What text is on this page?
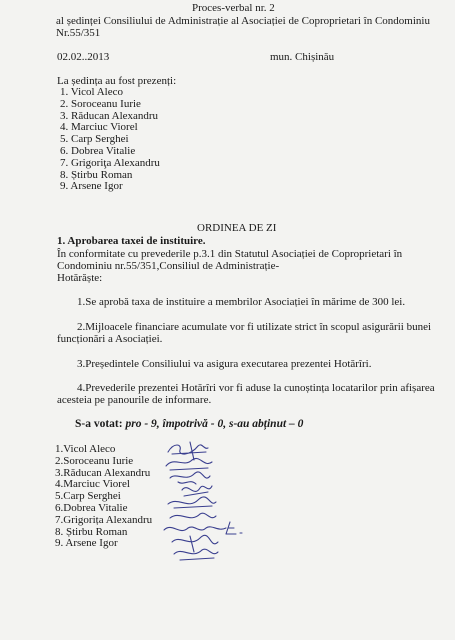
Proces-verbal nr. 2
al ședinței Consiliului de Administrație al Asociației de Coproprietari în Condominiu
Nr.55/351
02.02..2013	mun. Chișinău
La ședința au fost prezenți:
1. Vicol Aleco
2. Soroceanu Iurie
3. Răducan Alexandru
4. Marciuc Viorel
5. Carp Serghei
6. Dobrea Vitalie
7. Grigoriţa Alexandru
8. Știrbu Roman
9. Arsene Igor
ORDINEA DE ZI
1. Aprobarea taxei de instituire.
În conformitate cu prevederile p.3.1 din Statutul Asociației de Coproprietari în
Condominiu nr.55/351,Consiliul de Administrație-
Hotărăște:
1.Se aprobă taxa de instituire a membrilor Asociației în mărime de 300 lei.
2.Mijloacele financiare acumulate vor fi utilizate strict în scopul asigurării bunei
funcționări a Asociației.
3.Președintele Consiliului va asigura executarea prezentei Hotărîri.
4.Prevederile prezentei Hotărîri vor fi aduse la cunoștința locatarilor prin afișarea
acesteia pe panourile de informare.
S-a votat: pro - 9, împotrivă - 0, s-au abținut – 0
1.Vicol Aleco
2.Soroceanu Iurie
3.Răducan Alexandru
4.Marciuc Viorel
5.Carp Serghei
6.Dobrea Vitalie
7.Grigorița Alexandru
8. Știrbu Roman
9. Arsene Igor
